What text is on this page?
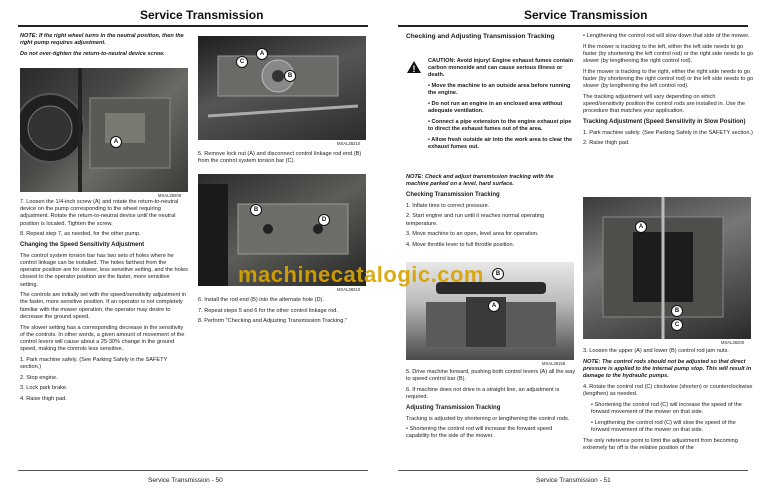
Service Transmission

NOTE: If the right wheel turns in the neutral position, then the right pump requires adjustment.

Do not over-tighten the return-to-neutral device screw.

A
MXAL38209

7. Loosen the 1/4-inch screw (A) and rotate the return-to-neutral device on the pump corresponding to the wheel requiring adjustment. Rotate the return-to-neutral device until the neutral position is located. Tighten the screw.

8. Repeat step 7, as needed, for the other pump.

Changing the Speed Sensitivity Adjustment

The control system torsion bar has two sets of holes where he control linkage can be installed. The holes farthest from the operator position are for slower, less sensitive setting, and the holes closest to the operator position are the faster, more sensitive setting.

The controls are initially set with the speed/sensitivity adjustment in the faster, more sensitive position. If an operator is not completely familiar with the mower operation, the operator may desire to decrease the ground speed.

The slower setting has a corresponding decrease in the sensitivity of the controls. In other words, a given amount of movement of the control levers will cause about a 25-30% change in the ground speed, making the controls less sensitive.

1. Park machine safely. (See Parking Safely in the SAFETY section.)

2. Stop engine.

3. Lock park brake.

4. Raise thigh pad.

A
C
B
MXAL38210
5. Remove lock nut (A) and disconnect control linkage rod end (B) from the control system torsion bar (C).
B
D
MXAL38210

6. Install the rod end (B) into the alternate hole (D).

7. Repeat steps 5 and 6 for the other control linkage rod.

8. Perform "Checking and Adjusting Transmission Tracking."

Service Transmission - 50
Service Transmission

Checking and Adjusting Transmission Tracking

!

CAUTION: Avoid injury! Engine exhaust fumes contain carbon monoxide and can cause serious illness or death.

• Move the machine to an outside area before running the engine.

• Do not run an engine in an enclosed area without adequate ventilation.

• Connect a pipe extension to the engine exhaust pipe to direct the exhaust fumes out of the area.

• Allow fresh outside air into the work area to clear the exhaust fumes out.

NOTE: Check and adjust transmission tracking with the machine parked on a level, hard surface.

Checking Transmission Tracking

1. Inflate tires to correct pressure.

2. Start engine and run until it reaches normal operating temperature.

3. Move machine to an open, level area for operation.

4. Move throttle lever to full throttle position.

B
A
MXAL38158

5. Drive machine forward, pushing both control levers (A) all the way to speed control bar (B).

6. If machine does not drive in a straight line, an adjustment is required.

Adjusting Transmission Tracking

Tracking is adjusted by shortening or lengthening the control rods.

• Shortening the control rod will increase the forward speed capability for the side of the mower.

• Lengthening the control rod will slow down that side of the mower.

If the mower is tracking to the left, either the left side needs to go faster (by shortening the left control rod) or the right side needs to go slower (by lengthening the right control rod).

If the mower is tracking to the right, either the right side needs to go faster (by shortening the right control rod) or the left side needs to go slower (by lengthening the left control rod).

The tracking adjustment will vary depending on which speed/sensitivity position the control rods are installed in. Use the procedure that matches your application.

Tracking Adjustment (Speed Sensitivity in Slow Position)

1. Park machine safely. (See Parking Safely in the SAFETY section.)

2. Raise thigh pad.

A
B
C
MXAL38200

3. Loosen the upper (A) and lower (B) control rod jam nuts.

NOTE: The control rods should not be adjusted so that direct pressure is applied to the internal pump stop. This will result in damage to the hydraulic pumps.

4. Rotate the control rod (C) clockwise (shorten) or counterclockwise (lengthen) as needed.

• Shortening the control rod (C) will increase the speed of the forward movement of the mower on that side.

• Lengthening the control rod (C) will slow the speed of the forward movement of the mower on that side.

The only reference point to limit the adjustment from becoming extremely far off is the relative position of the

Service Transmission - 51
machinecatalogic.com
